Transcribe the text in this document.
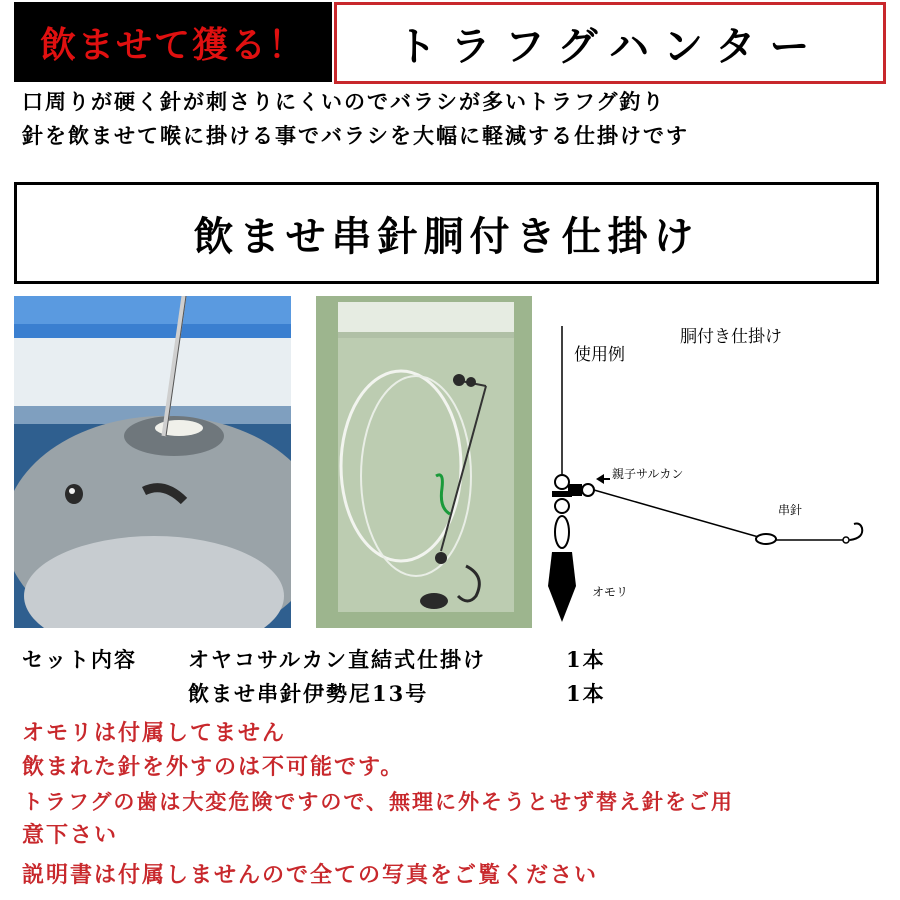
飲ませて獲る！ トラフグハンター
口周りが硬く針が刺さりにくいのでバラシが多いトラフグ釣り
針を飲ませて喉に掛ける事でバラシを大幅に軽減する仕掛けです
飲ませ串針胴付き仕掛け
胴付き仕掛け
使用例
親子サルカン
串針
オモリ
セット内容 オヤコサルカン直結式仕掛け	1本
飲ませ串針伊勢尼13号	1本
オモリは付属してません
飲まれた針を外すのは不可能です。
トラフグの歯は大変危険ですので、無理に外そうとせず替え針をご用
意下さい
説明書は付属しませんので全ての写真をご覧ください
